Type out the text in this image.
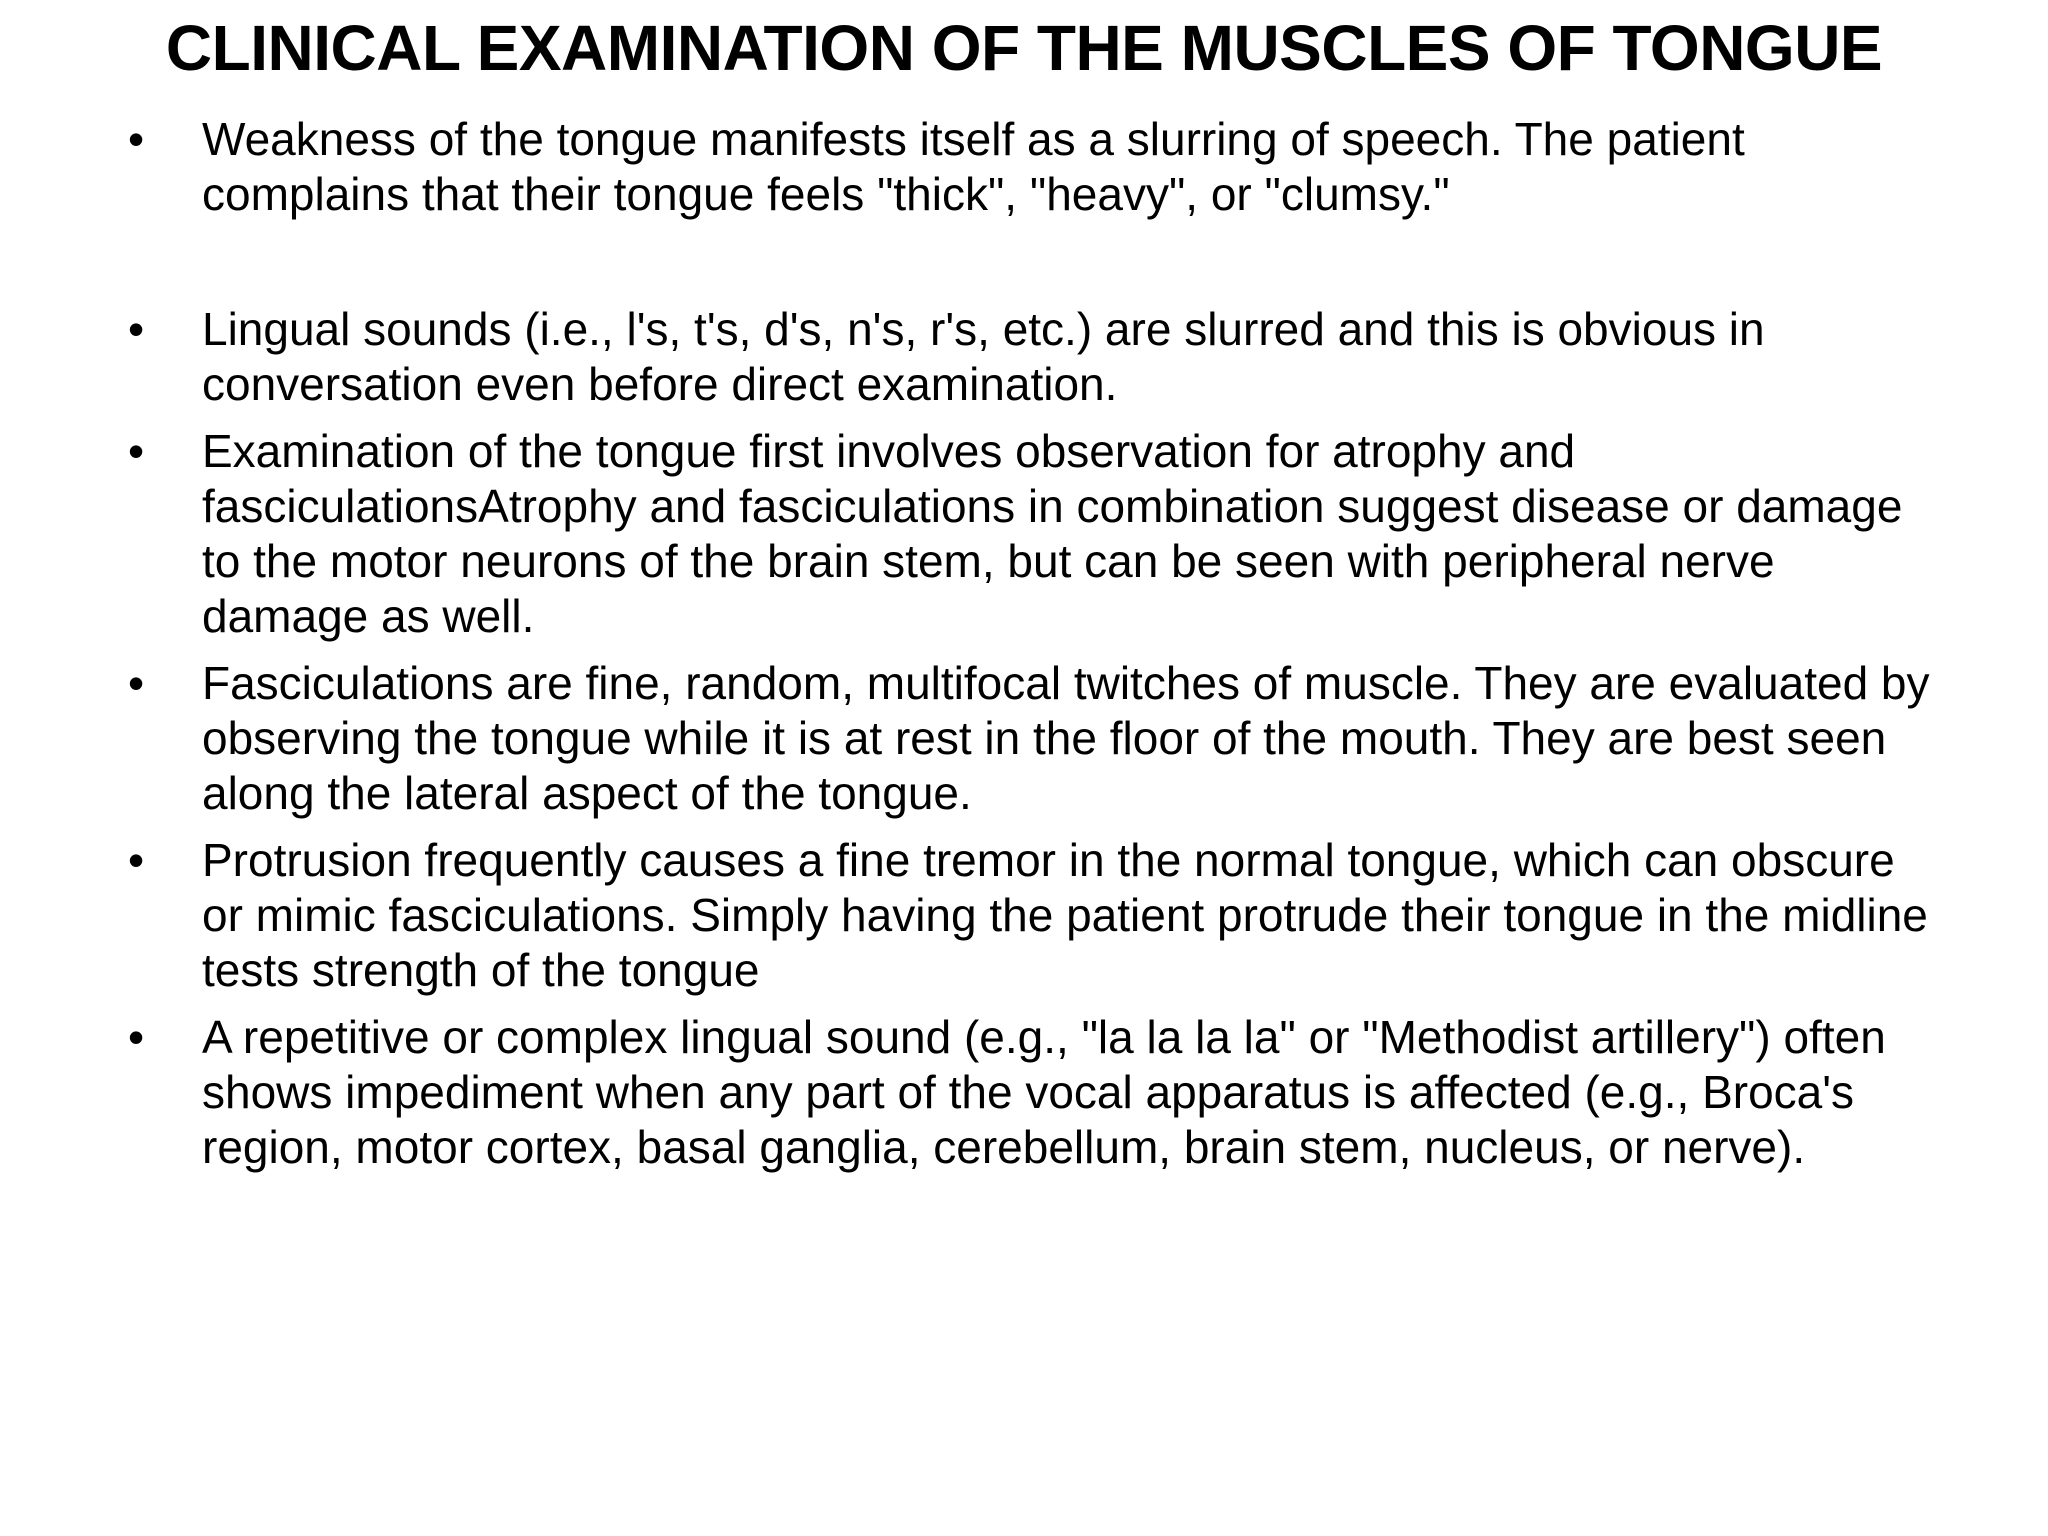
CLINICAL EXAMINATION OF THE MUSCLES OF TONGUE
•	Weakness of the tongue manifests itself as a slurring of speech. The patient complains that their tongue feels "thick", "heavy", or "clumsy."
•	Lingual sounds (i.e., l's, t's, d's, n's, r's, etc.) are slurred and this is obvious in conversation even before direct examination.
•	Examination of the tongue first involves observation for atrophy and fasciculationsAtrophy and fasciculations in combination suggest disease or damage to the motor neurons of the brain stem, but can be seen with peripheral nerve damage as well.
•	Fasciculations are fine, random, multifocal twitches of muscle. They are evaluated by observing the tongue while it is at rest in the floor of the mouth. They are best seen along the lateral aspect of the tongue.
•	Protrusion frequently causes a fine tremor in the normal tongue, which can obscure or mimic fasciculations. Simply having the patient protrude their tongue in the midline tests strength of the tongue
•	A repetitive or complex lingual sound (e.g., "la la la la" or "Methodist artillery") often shows impediment when any part of the vocal apparatus is affected (e.g., Broca's region, motor cortex, basal ganglia, cerebellum, brain stem, nucleus, or nerve).
